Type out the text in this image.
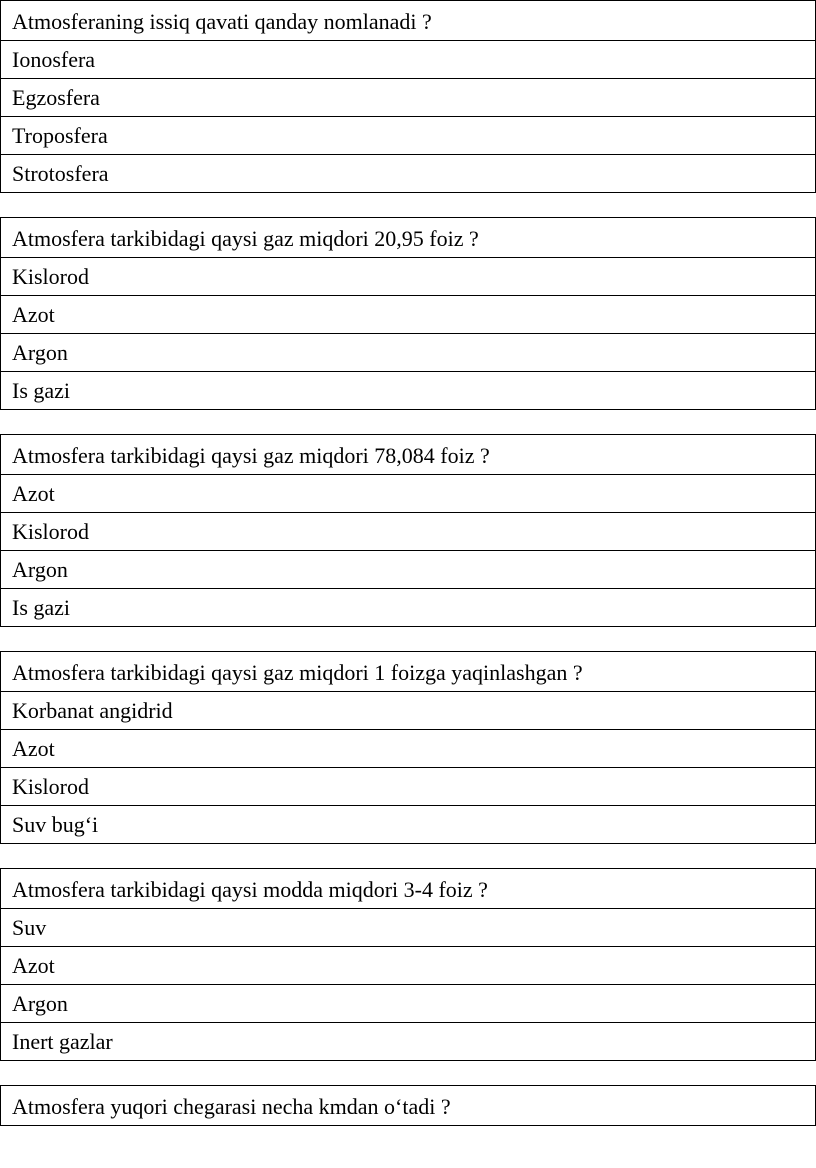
Atmosferaning issiq qavati qanday nomlanadi ?
Ionosfera
Egzosfera
Troposfera
Strotosfera
Atmosfera tarkibidagi qaysi gaz miqdori 20,95 foiz ?
Kislorod
Azot
Argon
Is gazi
Atmosfera tarkibidagi qaysi gaz miqdori 78,084 foiz ?
Azot
Kislorod
Argon
Is gazi
Atmosfera tarkibidagi qaysi gaz miqdori 1 foizga yaqinlashgan ?
Korbanat angidrid
Azot
Kislorod
Suv bug‘i
Atmosfera tarkibidagi qaysi modda miqdori 3-4 foiz ?
Suv
Azot
Argon
Inert gazlar
Atmosfera yuqori chegarasi necha kmdan o‘tadi ?
